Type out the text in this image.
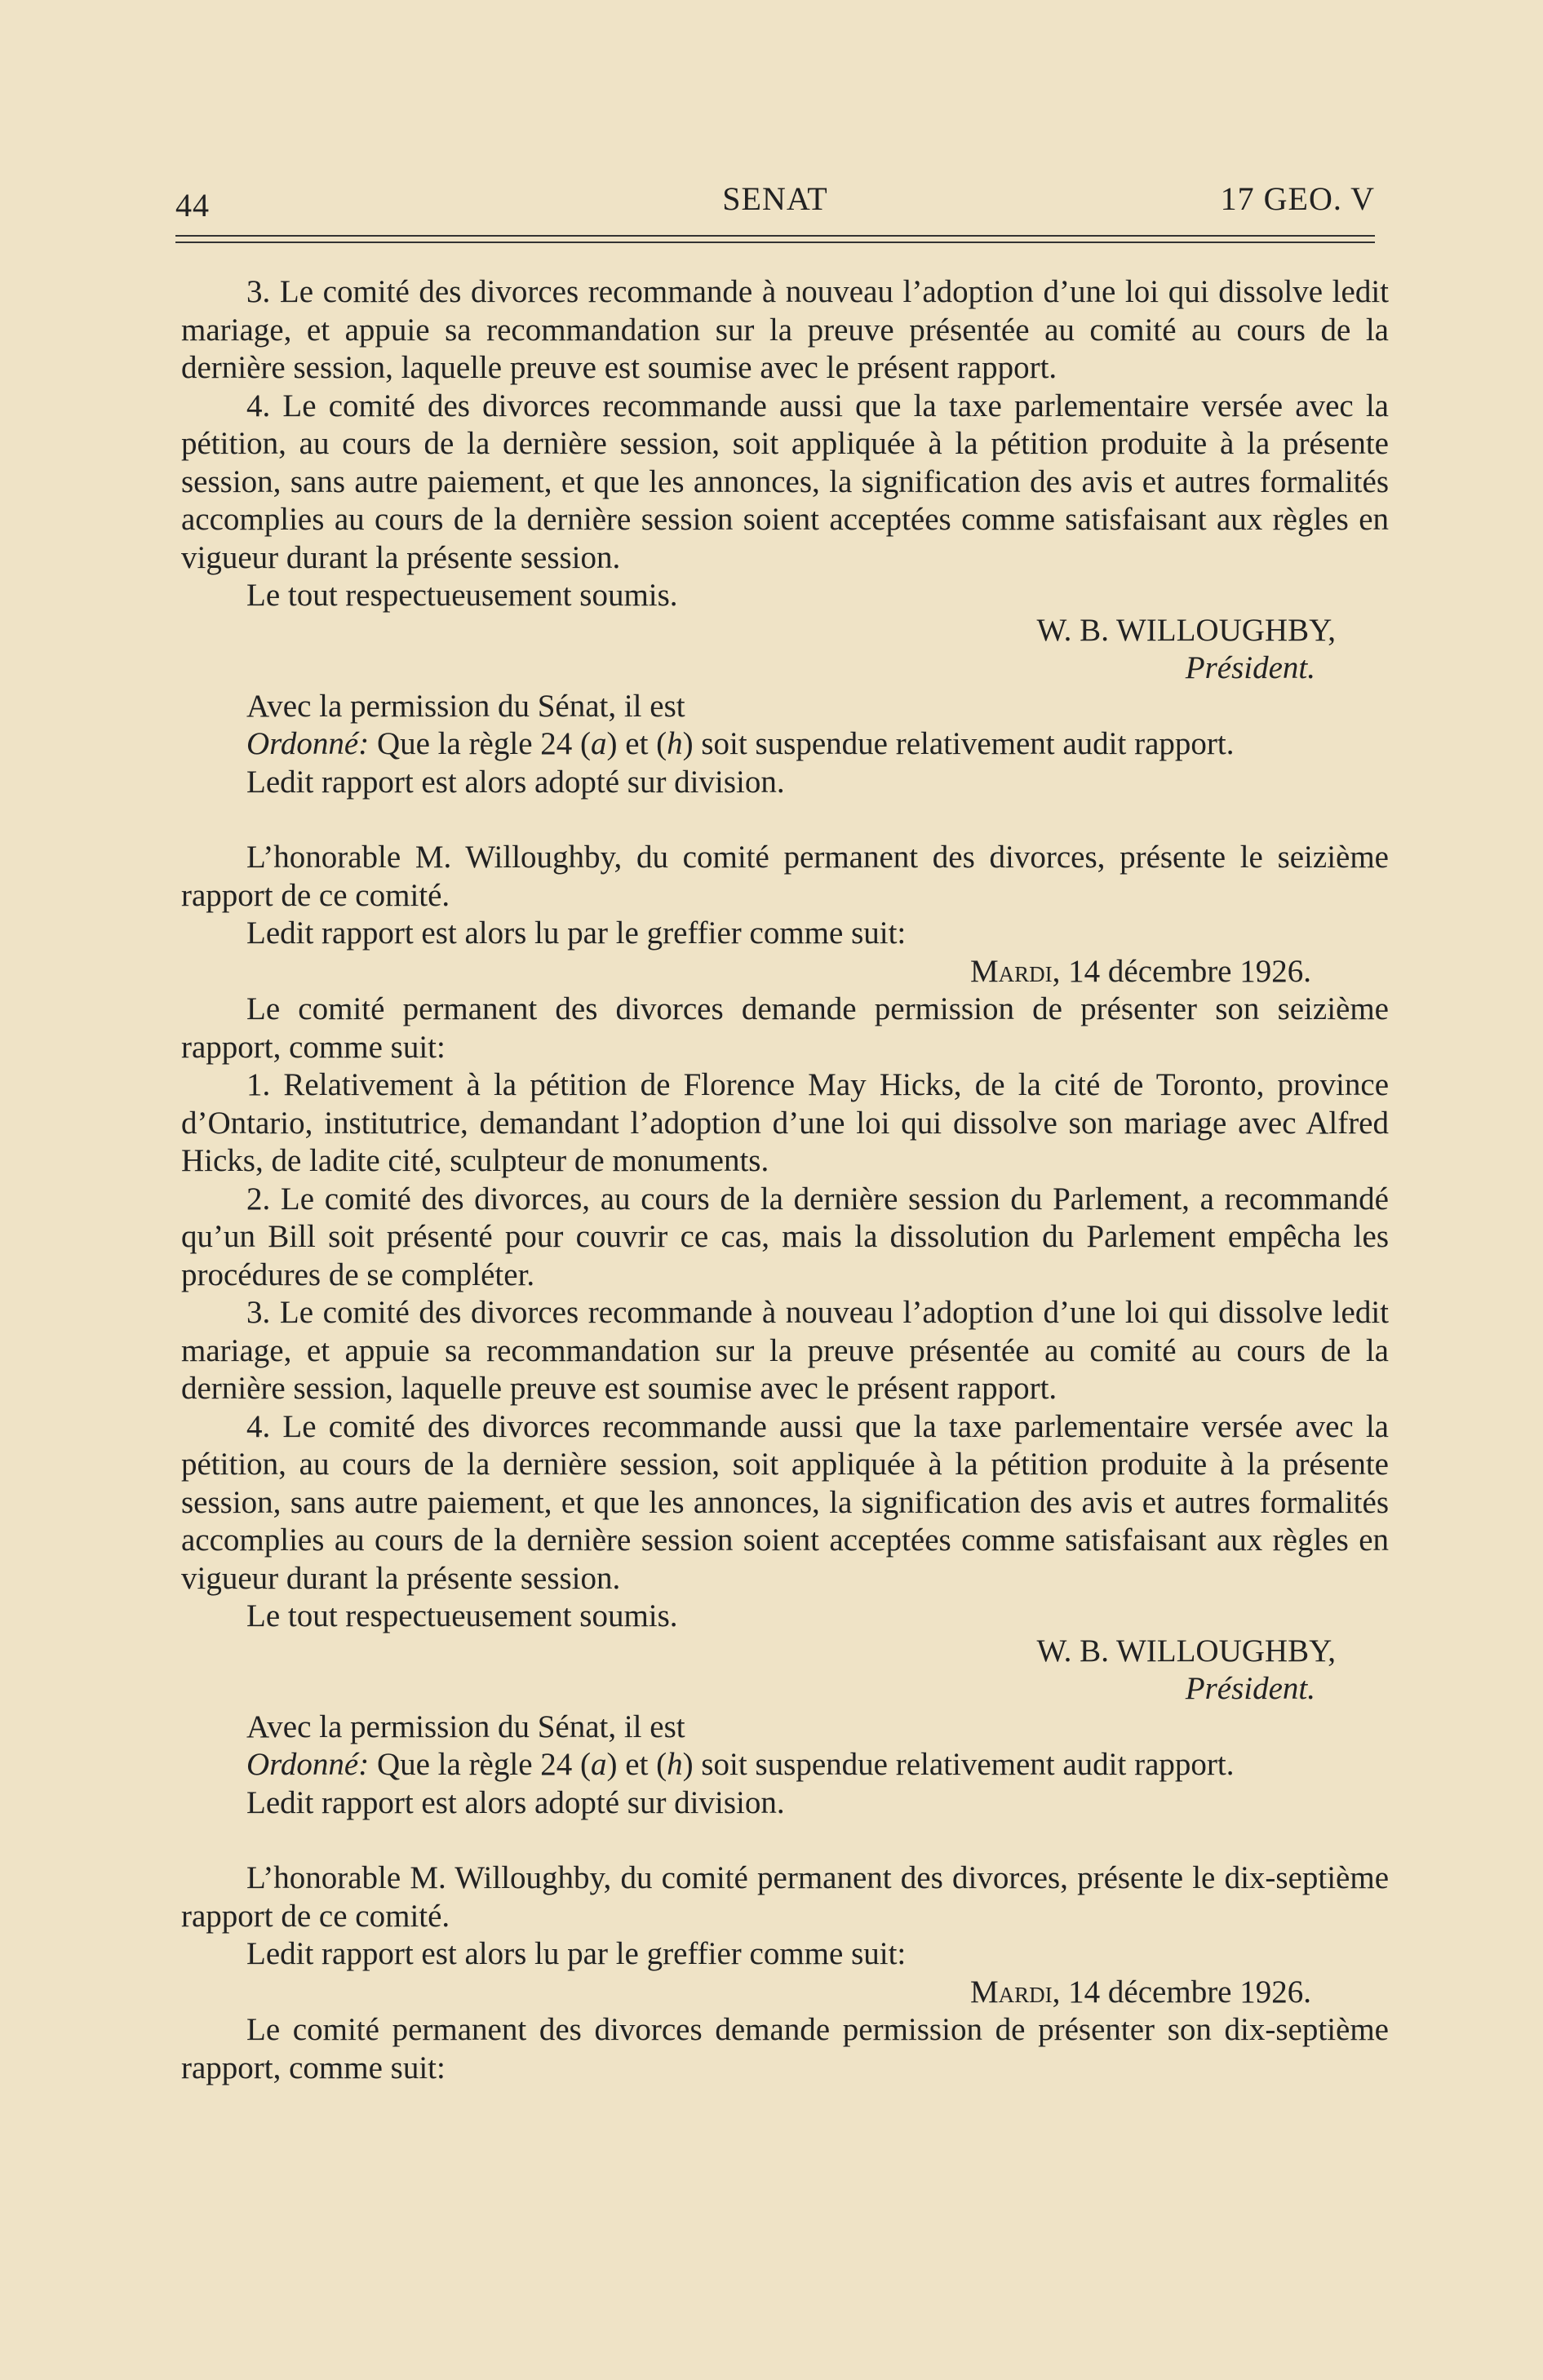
44	SENAT	17 GEO. V

3. Le comité des divorces recommande à nouveau l’adoption d’une loi qui dissolve ledit mariage, et appuie sa recommandation sur la preuve présentée au comité au cours de la dernière session, laquelle preuve est soumise avec le présent rapport.

4. Le comité des divorces recommande aussi que la taxe parlementaire versée avec la pétition, au cours de la dernière session, soit appliquée à la pétition produite à la présente session, sans autre paiement, et que les annonces, la signification des avis et autres formalités accomplies au cours de la dernière session soient acceptées comme satisfaisant aux règles en vigueur durant la présente session.

Le tout respectueusement soumis.

W. B. WILLOUGHBY,

Président.

Avec la permission du Sénat, il est

Ordonné: Que la règle 24 (a) et (h) soit suspendue relativement audit rapport.

Ledit rapport est alors adopté sur division.

L’honorable M. Willoughby, du comité permanent des divorces, présente le seizième rapport de ce comité.

Ledit rapport est alors lu par le greffier comme suit:

Mardi, 14 décembre 1926.

Le comité permanent des divorces demande permission de présenter son seizième rapport, comme suit:

1. Relativement à la pétition de Florence May Hicks, de la cité de Toronto, province d’Ontario, institutrice, demandant l’adoption d’une loi qui dissolve son mariage avec Alfred Hicks, de ladite cité, sculpteur de monuments.

2. Le comité des divorces, au cours de la dernière session du Parlement, a recommandé qu’un Bill soit présenté pour couvrir ce cas, mais la dissolution du Parlement empêcha les procédures de se compléter.

3. Le comité des divorces recommande à nouveau l’adoption d’une loi qui dissolve ledit mariage, et appuie sa recommandation sur la preuve présentée au comité au cours de la dernière session, laquelle preuve est soumise avec le présent rapport.

4. Le comité des divorces recommande aussi que la taxe parlementaire versée avec la pétition, au cours de la dernière session, soit appliquée à la pétition produite à la présente session, sans autre paiement, et que les annonces, la signification des avis et autres formalités accomplies au cours de la dernière session soient acceptées comme satisfaisant aux règles en vigueur durant la présente session.

Le tout respectueusement soumis.

W. B. WILLOUGHBY,

Président.

Avec la permission du Sénat, il est

Ordonné: Que la règle 24 (a) et (h) soit suspendue relativement audit rapport.

Ledit rapport est alors adopté sur division.

L’honorable M. Willoughby, du comité permanent des divorces, présente le dix-septième rapport de ce comité.

Ledit rapport est alors lu par le greffier comme suit:

Mardi, 14 décembre 1926.

Le comité permanent des divorces demande permission de présenter son dix-septième rapport, comme suit:
